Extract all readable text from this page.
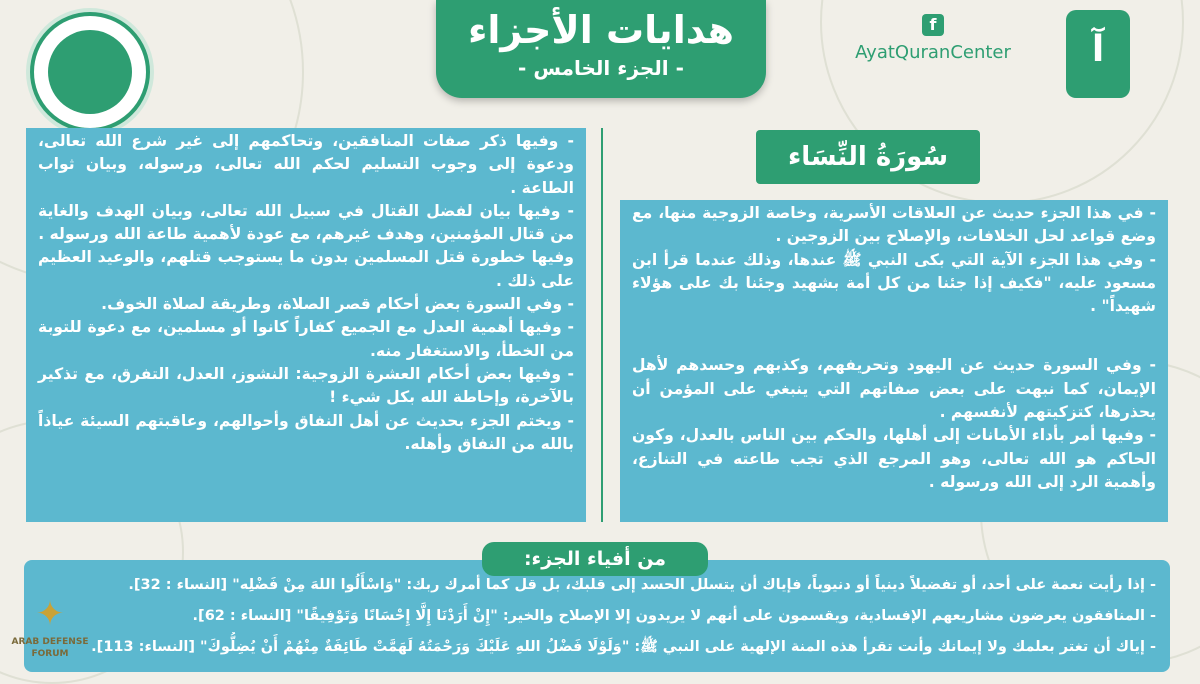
هدايات الأجزاء
- الجزء الخامس -
f
AyatQuranCenter	ﺁ
سُورَةُ النِّسَاء

- وفيها ذكر صفات المنافقين، وتحاكمهم إلى غير شرع الله تعالى، ودعوة إلى وجوب التسليم لحكم الله تعالى، ورسوله، وبيان ثواب الطاعة .

- وفيها بيان لفضل القتال في سبيل الله تعالى، وبيان الهدف والغاية من قتال المؤمنين، وهدف غيرهم، مع عودة لأهمية طاعة الله ورسوله .

وفيها خطورة قتل المسلمين بدون ما يستوجب قتلهم، والوعيد العظيم على ذلك .

- وفي السورة بعض أحكام قصر الصلاة، وطريقة لصلاة الخوف.

- وفيها أهمية العدل مع الجميع كفاراً كانوا أو مسلمين، مع دعوة للتوبة من الخطأ، والاستغفار منه.

- وفيها بعض أحكام العشرة الزوجية: النشوز، العدل، التفرق، مع تذكير بالآخرة، وإحاطة الله بكل شيء !

- ويختم الجزء بحديث عن أهل النفاق وأحوالهم، وعاقبتهم السيئة عياذاً بالله من النفاق وأهله.

- في هذا الجزء حديث عن العلاقات الأسرية، وخاصة الزوجية منها، مع وضع قواعد لحل الخلافات، والإصلاح بين الزوجين .

- وفي هذا الجزء الآية التي بكى النبي ﷺ عندها، وذلك عندما قرأ ابن مسعود عليه، "فكيف إذا جئنا من كل أمة بشهيد وجئنا بك على هؤلاء شهيداً" .

- وفي السورة حديث عن اليهود وتحريفهم، وكذبهم وحسدهم لأهل الإيمان، كما نبهت على بعض صفاتهم التي ينبغي على المؤمن أن يحذرها، كتزكيتهم لأنفسهم .

- وفيها أمر بأداء الأمانات إلى أهلها، والحكم بين الناس بالعدل، وكون الحاكم هو الله تعالى، وهو المرجع الذي تجب طاعته في التنازع، وأهمية الرد إلى الله ورسوله .

من أفياء الجزء:
- إذا رأيت نعمة على أحد، أو تفضيلاً دينياً أو دنيوياً، فإياك أن يتسلل الحسد إلى قلبك، بل قل كما أمرك ربك: "وَاسْأَلُوا اللهَ مِنْ فَضْلِه" [النساء : 32].
- المنافقون يعرضون مشاريعهم الإفسادية، ويقسمون على أنهم لا يريدون إلا الإصلاح والخير: "إِنْ أَرَدْنَا إِلَّا إِحْسَانًا وَتَوْفِيقًا" [النساء : 62].
- إياك أن تغتر بعلمك ولا إيمانك وأنت تقرأ هذه المنة الإلهية على النبي ﷺ: "وَلَوْلَا فَضْلُ اللهِ عَلَيْكَ وَرَحْمَتُهُ لَهَمَّتْ طَائِفَةٌ مِنْهُمْ أَنْ يُضِلُّوكَ" [النساء: 113].
✦
ARAB DEFENSE FORUM
